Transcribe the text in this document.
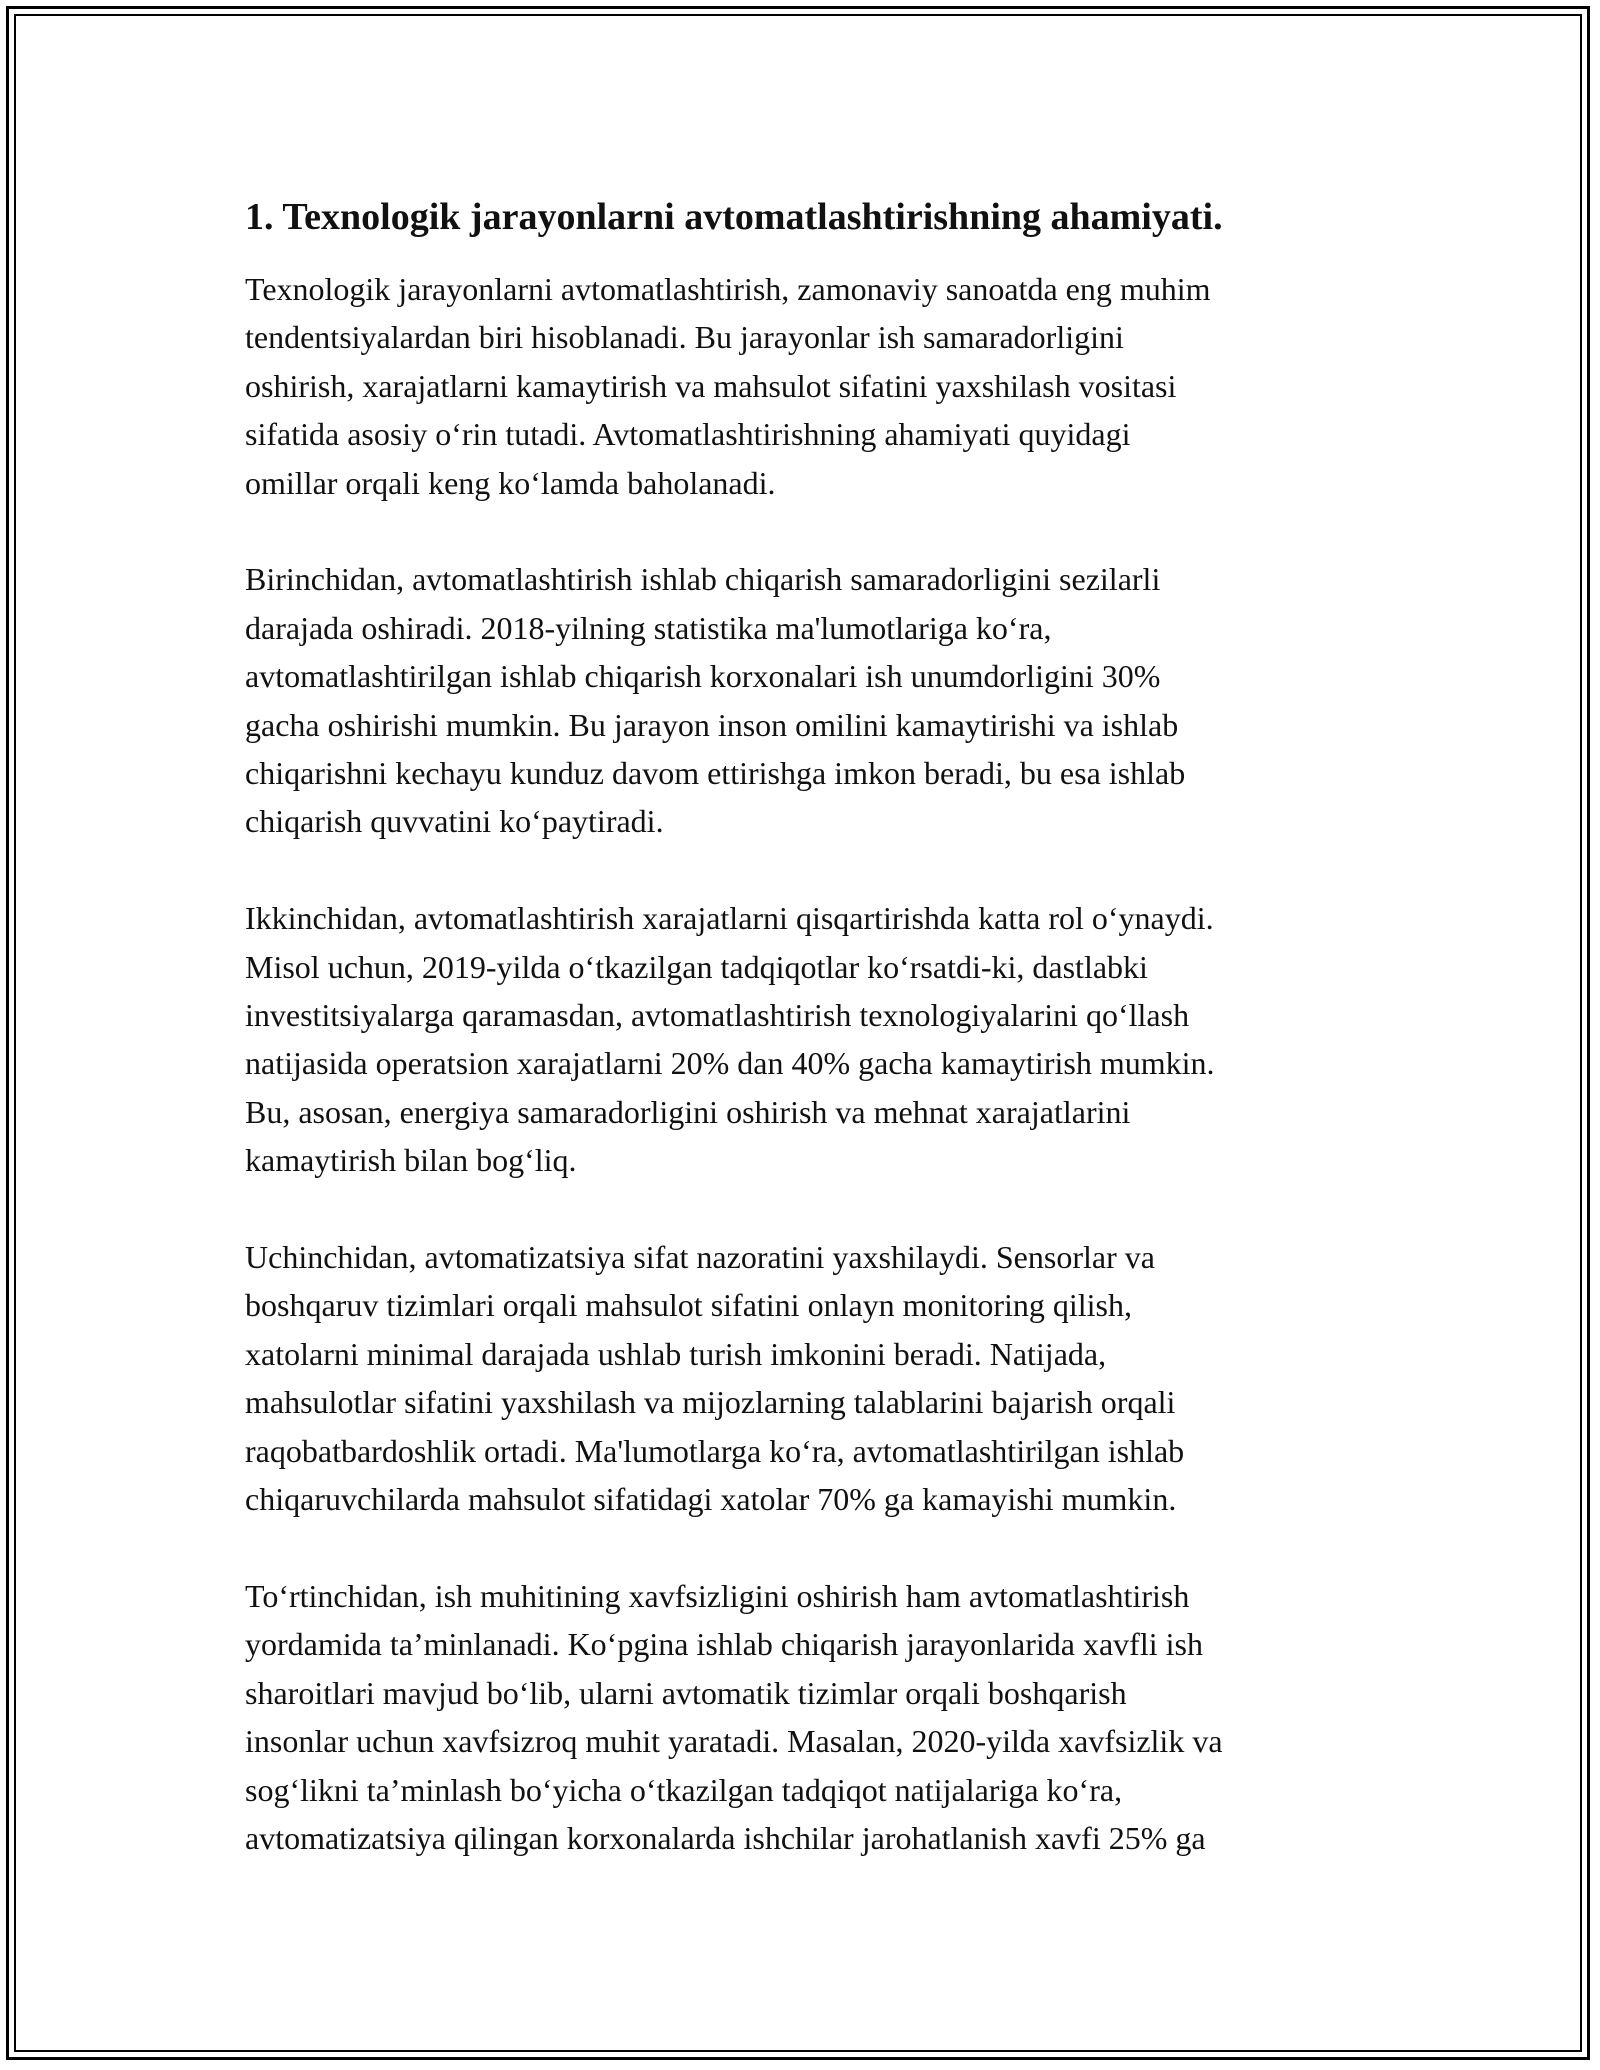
1. Texnologik jarayonlarni avtomatlashtirishning ahamiyati.

Texnologik jarayonlarni avtomatlashtirish, zamonaviy sanoatda eng muhim
tendentsiyalardan biri hisoblanadi. Bu jarayonlar ish samaradorligini
oshirish, xarajatlarni kamaytirish va mahsulot sifatini yaxshilash vositasi
sifatida asosiy o‘rin tutadi. Avtomatlashtirishning ahamiyati quyidagi
omillar orqali keng ko‘lamda baholanadi.

Birinchidan, avtomatlashtirish ishlab chiqarish samaradorligini sezilarli
darajada oshiradi. 2018-yilning statistika ma'lumotlariga ko‘ra,
avtomatlashtirilgan ishlab chiqarish korxonalari ish unumdorligini 30%
gacha oshirishi mumkin. Bu jarayon inson omilini kamaytirishi va ishlab
chiqarishni kechayu kunduz davom ettirishga imkon beradi, bu esa ishlab
chiqarish quvvatini ko‘paytiradi.

Ikkinchidan, avtomatlashtirish xarajatlarni qisqartirishda katta rol o‘ynaydi.
Misol uchun, 2019-yilda o‘tkazilgan tadqiqotlar ko‘rsatdi-ki, dastlabki
investitsiyalarga qaramasdan, avtomatlashtirish texnologiyalarini qo‘llash
natijasida operatsion xarajatlarni 20% dan 40% gacha kamaytirish mumkin.
Bu, asosan, energiya samaradorligini oshirish va mehnat xarajatlarini
kamaytirish bilan bog‘liq.

Uchinchidan, avtomatizatsiya sifat nazoratini yaxshilaydi. Sensorlar va
boshqaruv tizimlari orqali mahsulot sifatini onlayn monitoring qilish,
xatolarni minimal darajada ushlab turish imkonini beradi. Natijada,
mahsulotlar sifatini yaxshilash va mijozlarning talablarini bajarish orqali
raqobatbardoshlik ortadi. Ma'lumotlarga ko‘ra, avtomatlashtirilgan ishlab
chiqaruvchilarda mahsulot sifatidagi xatolar 70% ga kamayishi mumkin.

To‘rtinchidan, ish muhitining xavfsizligini oshirish ham avtomatlashtirish
yordamida ta’minlanadi. Ko‘pgina ishlab chiqarish jarayonlarida xavfli ish
sharoitlari mavjud bo‘lib, ularni avtomatik tizimlar orqali boshqarish
insonlar uchun xavfsizroq muhit yaratadi. Masalan, 2020-yilda xavfsizlik va
sog‘likni ta’minlash bo‘yicha o‘tkazilgan tadqiqot natijalariga ko‘ra,
avtomatizatsiya qilingan korxonalarda ishchilar jarohatlanish xavfi 25% ga
